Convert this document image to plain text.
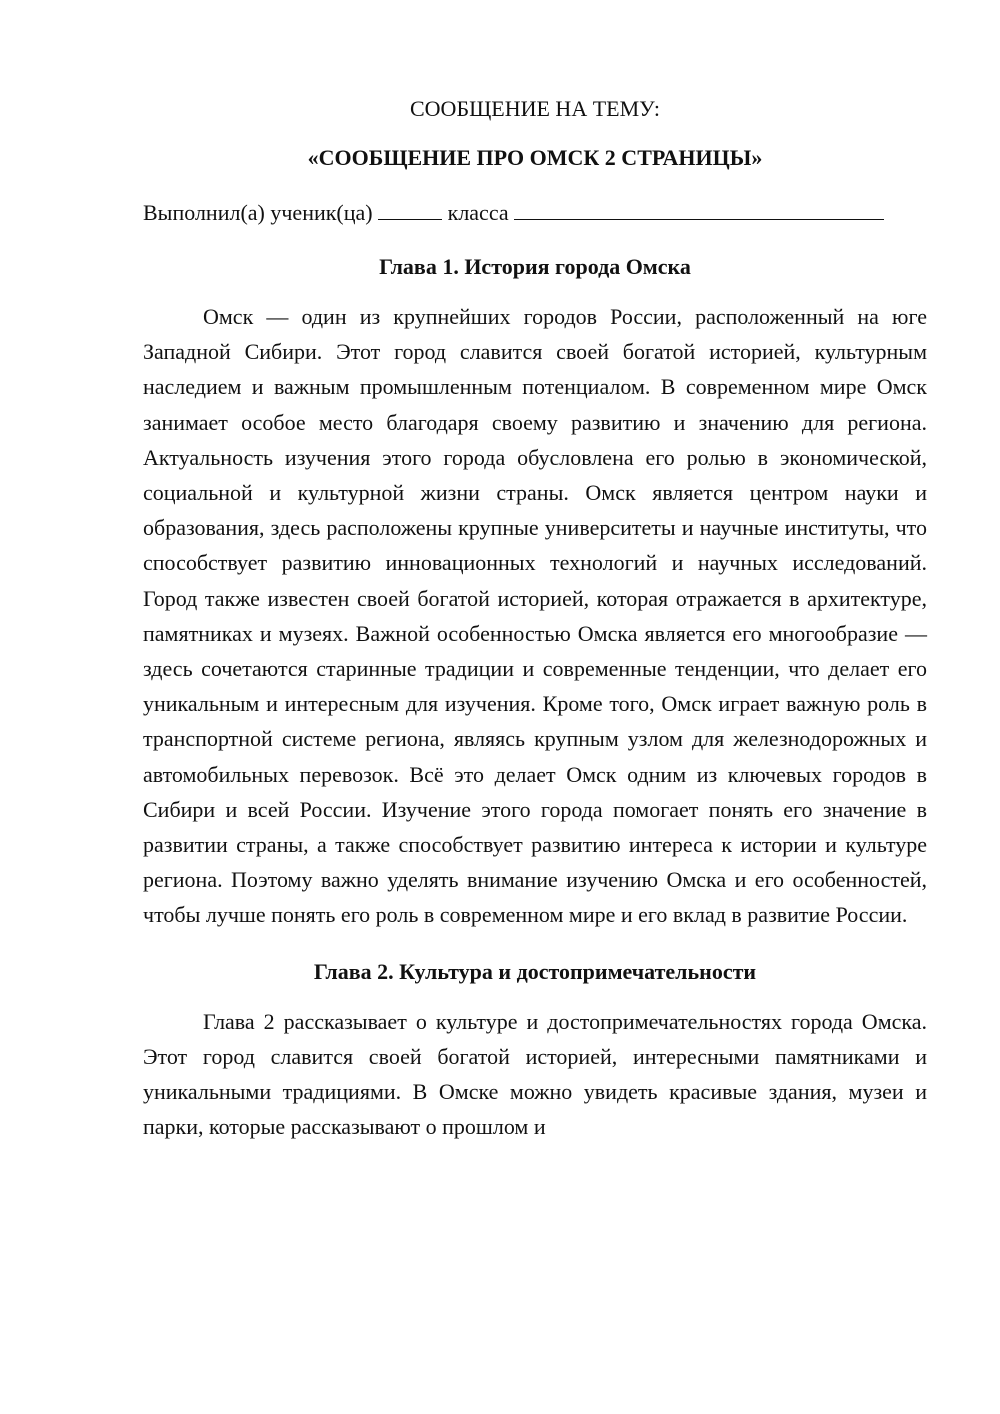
СООБЩЕНИЕ НА ТЕМУ:

«СООБЩЕНИЕ ПРО ОМСК 2 СТРАНИЦЫ»

Выполнил(а) ученик(ца)	класса

Глава 1. История города Омска

Омск — один из крупнейших городов России, расположенный на юге Западной Сибири. Этот город славится своей богатой историей, культурным наследием и важным промышленным потенциалом. В современном мире Омск занимает особое место благодаря своему развитию и значению для региона. Актуальность изучения этого города обусловлена его ролью в экономической, социальной и культурной жизни страны. Омск является центром науки и образования, здесь расположены крупные университеты и научные институты, что способствует развитию инновационных технологий и научных исследований. Город также известен своей богатой историей, которая отражается в архитектуре, памятниках и музеях. Важной особенностью Омска является его многообразие — здесь сочетаются старинные традиции и современные тенденции, что делает его уникальным и интересным для изучения. Кроме того, Омск играет важную роль в транспортной системе региона, являясь крупным узлом для железнодорожных и автомобильных перевозок. Всё это делает Омск одним из ключевых городов в Сибири и всей России. Изучение этого города помогает понять его значение в развитии страны, а также способствует развитию интереса к истории и культуре региона. Поэтому важно уделять внимание изучению Омска и его особенностей, чтобы лучше понять его роль в современном мире и его вклад в развитие России.

Глава 2. Культура и достопримечательности

Глава 2 рассказывает о культуре и достопримечательностях города Омска. Этот город славится своей богатой историей, интересными памятниками и уникальными традициями. В Омске можно увидеть красивые здания, музеи и парки, которые рассказывают о прошлом и
